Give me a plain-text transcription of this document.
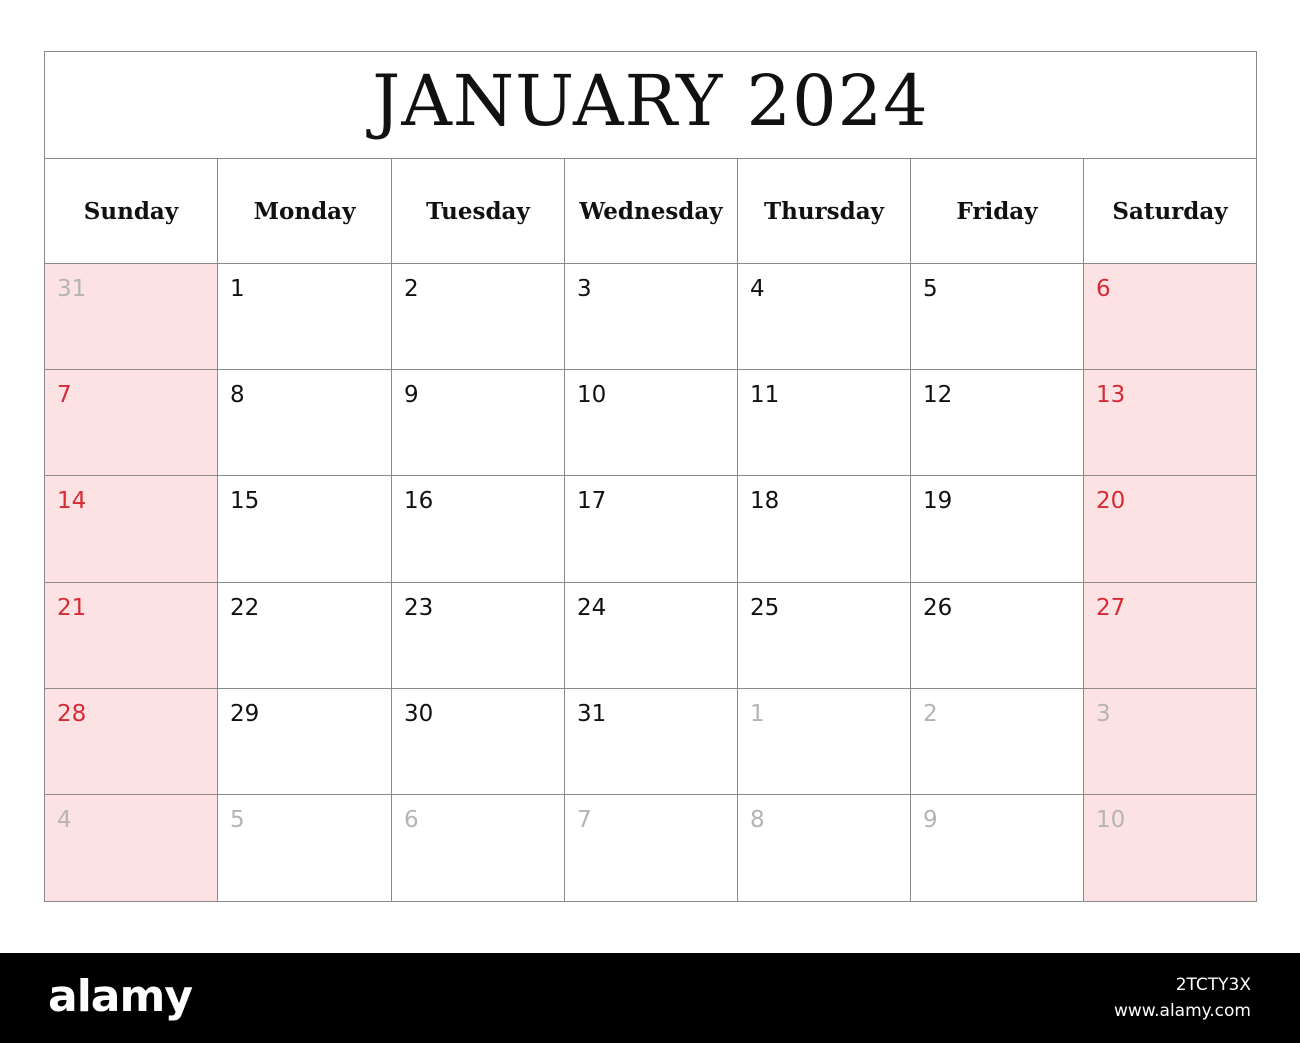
JANUARY 2024
Sunday	Monday	Tuesday	Wednesday	Thursday	Friday	Saturday
31	1	2	3	4	5	6
7	8	9	10	11	12	13
14	15	16	17	18	19	20
21	22	23	24	25	26	27
28	29	30	31	1	2	3
4	5	6	7	8	9	10
alamy	2TCTY3X
www.alamy.com
